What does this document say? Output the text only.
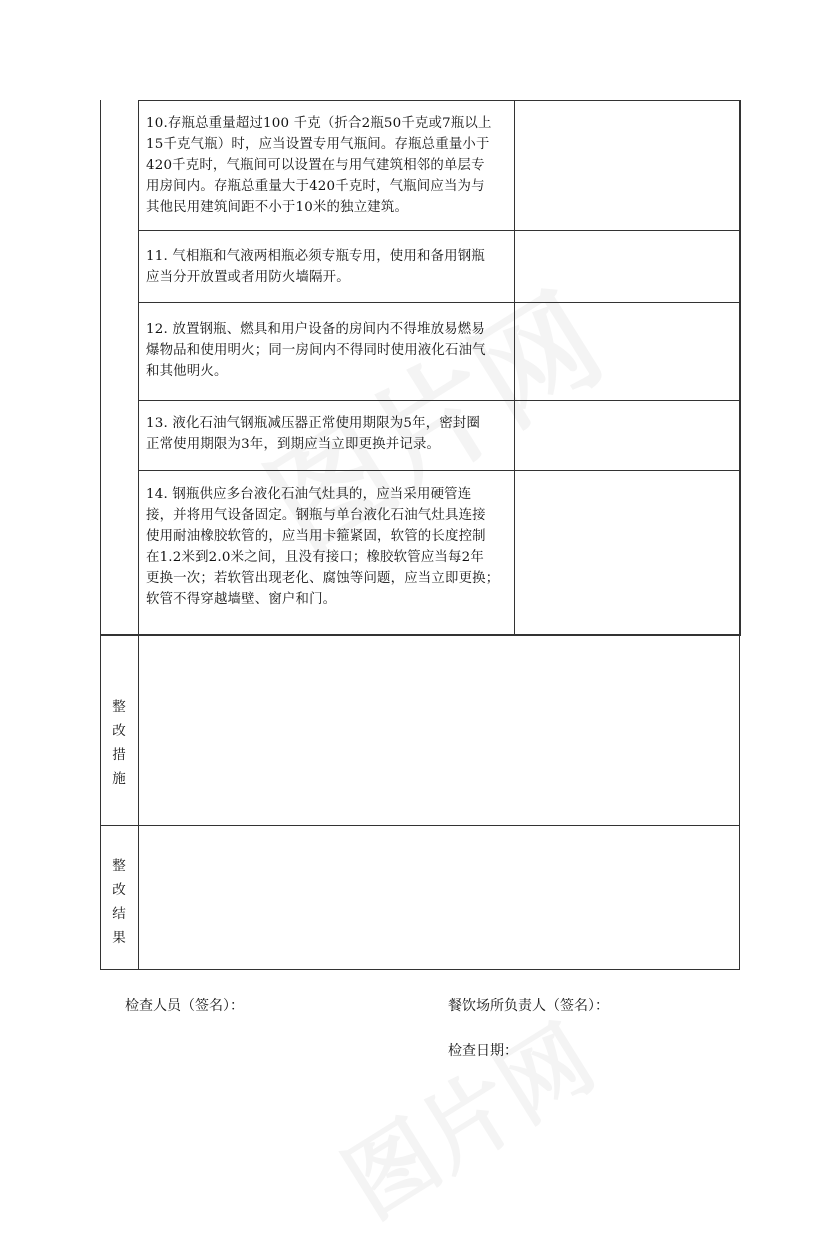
10.存瓶总重量超过100 千克（折合2瓶50千克或7瓶以上
15千克气瓶）时，应当设置专用气瓶间。存瓶总重量小于
420千克时，气瓶间可以设置在与用气建筑相邻的单层专
用房间内。存瓶总重量大于420千克时，气瓶间应当为与
其他民用建筑间距不小于10米的独立建筑。
11. 气相瓶和气液两相瓶必须专瓶专用，使用和备用钢瓶
应当分开放置或者用防火墙隔开。
12. 放置钢瓶、燃具和用户设备的房间内不得堆放易燃易
爆物品和使用明火；同一房间内不得同时使用液化石油气
和其他明火。
13. 液化石油气钢瓶减压器正常使用期限为5年，密封圈
正常使用期限为3年，到期应当立即更换并记录。
14. 钢瓶供应多台液化石油气灶具的，应当采用硬管连
接，并将用气设备固定。钢瓶与单台液化石油气灶具连接
使用耐油橡胶软管的，应当用卡箍紧固，软管的长度控制
在1.2米到2.0米之间，且没有接口；橡胶软管应当每2年
更换一次；若软管出现老化、腐蚀等问题，应当立即更换；
软管不得穿越墙壁、窗户和门。
整
改
措
施
整
改
结
果
检查人员（签名）：	餐饮场所负责人（签名）：
检查日期：
